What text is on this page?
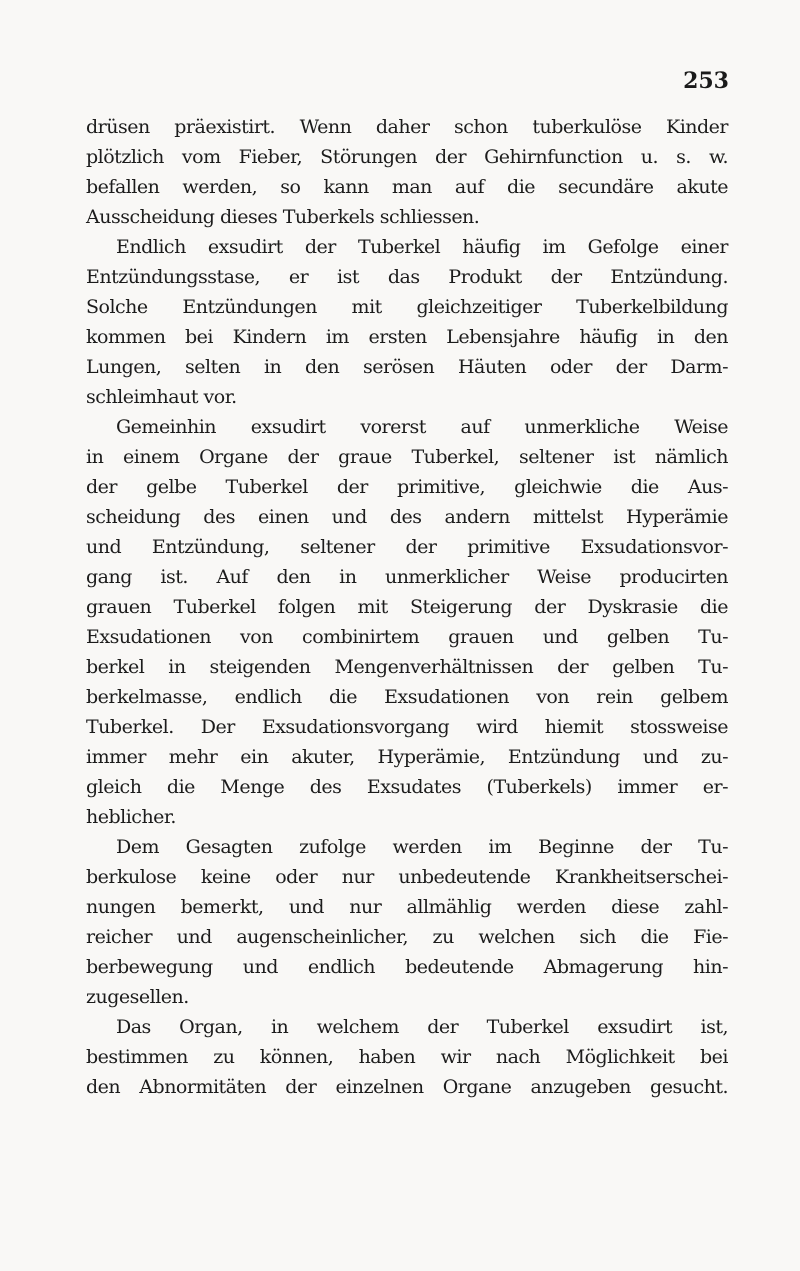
253
drüsen präexistirt. Wenn daher schon tuberkulöse Kinder
plötzlich vom Fieber, Störungen der Gehirnfunction u. s. w.
befallen werden, so kann man auf die secundäre akute
Ausscheidung dieses Tuberkels schliessen.
Endlich exsudirt der Tuberkel häufig im Gefolge einer
Entzündungsstase, er ist das Produkt der Entzündung.
Solche Entzündungen mit gleichzeitiger Tuberkelbildung
kommen bei Kindern im ersten Lebensjahre häufig in den
Lungen, selten in den serösen Häuten oder der Darm-
schleimhaut vor.
Gemeinhin exsudirt vorerst auf unmerkliche Weise
in einem Organe der graue Tuberkel, seltener ist nämlich
der gelbe Tuberkel der primitive, gleichwie die Aus-
scheidung des einen und des andern mittelst Hyperämie
und Entzündung, seltener der primitive Exsudationsvor-
gang ist. Auf den in unmerklicher Weise producirten
grauen Tuberkel folgen mit Steigerung der Dyskrasie die
Exsudationen von combinirtem grauen und gelben Tu-
berkel in steigenden Mengenverhältnissen der gelben Tu-
berkelmasse, endlich die Exsudationen von rein gelbem
Tuberkel. Der Exsudationsvorgang wird hiemit stossweise
immer mehr ein akuter, Hyperämie, Entzündung und zu-
gleich die Menge des Exsudates (Tuberkels) immer er-
heblicher.
Dem Gesagten zufolge werden im Beginne der Tu-
berkulose keine oder nur unbedeutende Krankheitserschei-
nungen bemerkt, und nur allmählig werden diese zahl-
reicher und augenscheinlicher, zu welchen sich die Fie-
berbewegung und endlich bedeutende Abmagerung hin-
zugesellen.
Das Organ, in welchem der Tuberkel exsudirt ist,
bestimmen zu können, haben wir nach Möglichkeit bei
den Abnormitäten der einzelnen Organe anzugeben gesucht.
